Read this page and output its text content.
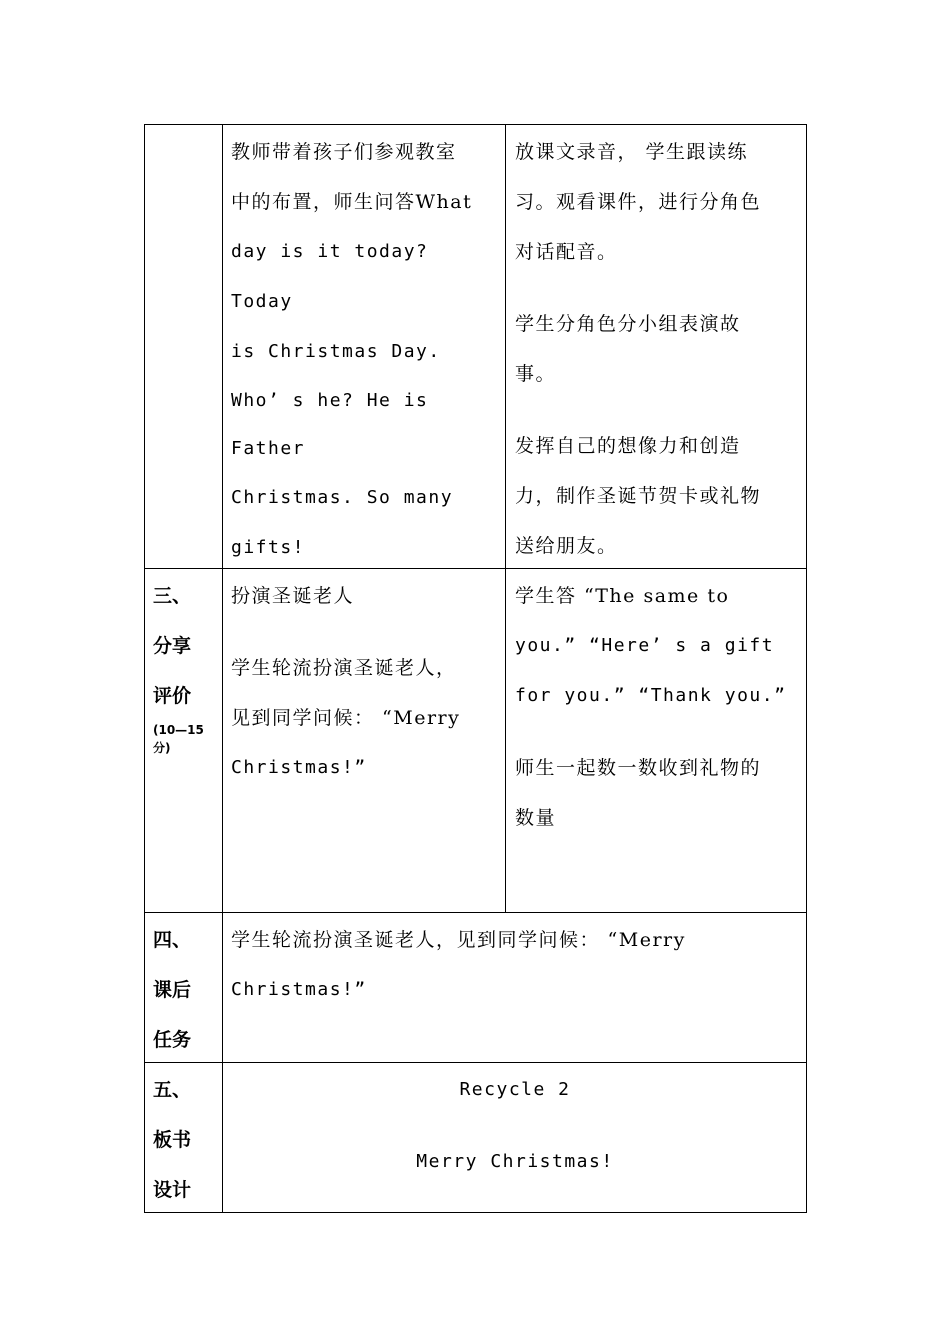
教师带着孩子们参观教室

中的布置，师生问答What

day is it today? Today

is Christmas Day.

Who’ s he? He is Father

Christmas. So many

gifts!

放课文录音， 学生跟读练

习。观看课件，进行分角色

对话配音。

学生分角色分小组表演故

事。

发挥自己的想像力和创造

力，制作圣诞节贺卡或礼物

送给朋友。

三、
分享
评价
(10—15
分)

扮演圣诞老人

学生轮流扮演圣诞老人，

见到同学问候： “Merry

Christmas!”

学生答 “The same to

you.” “Here’ s a gift

for you.” “Thank you.”

师生一起数一数收到礼物的

数量

四、
课后
任务

学生轮流扮演圣诞老人，见到同学问候： “Merry

Christmas!”

五、
板书
设计

Recycle 2

Merry Christmas!
